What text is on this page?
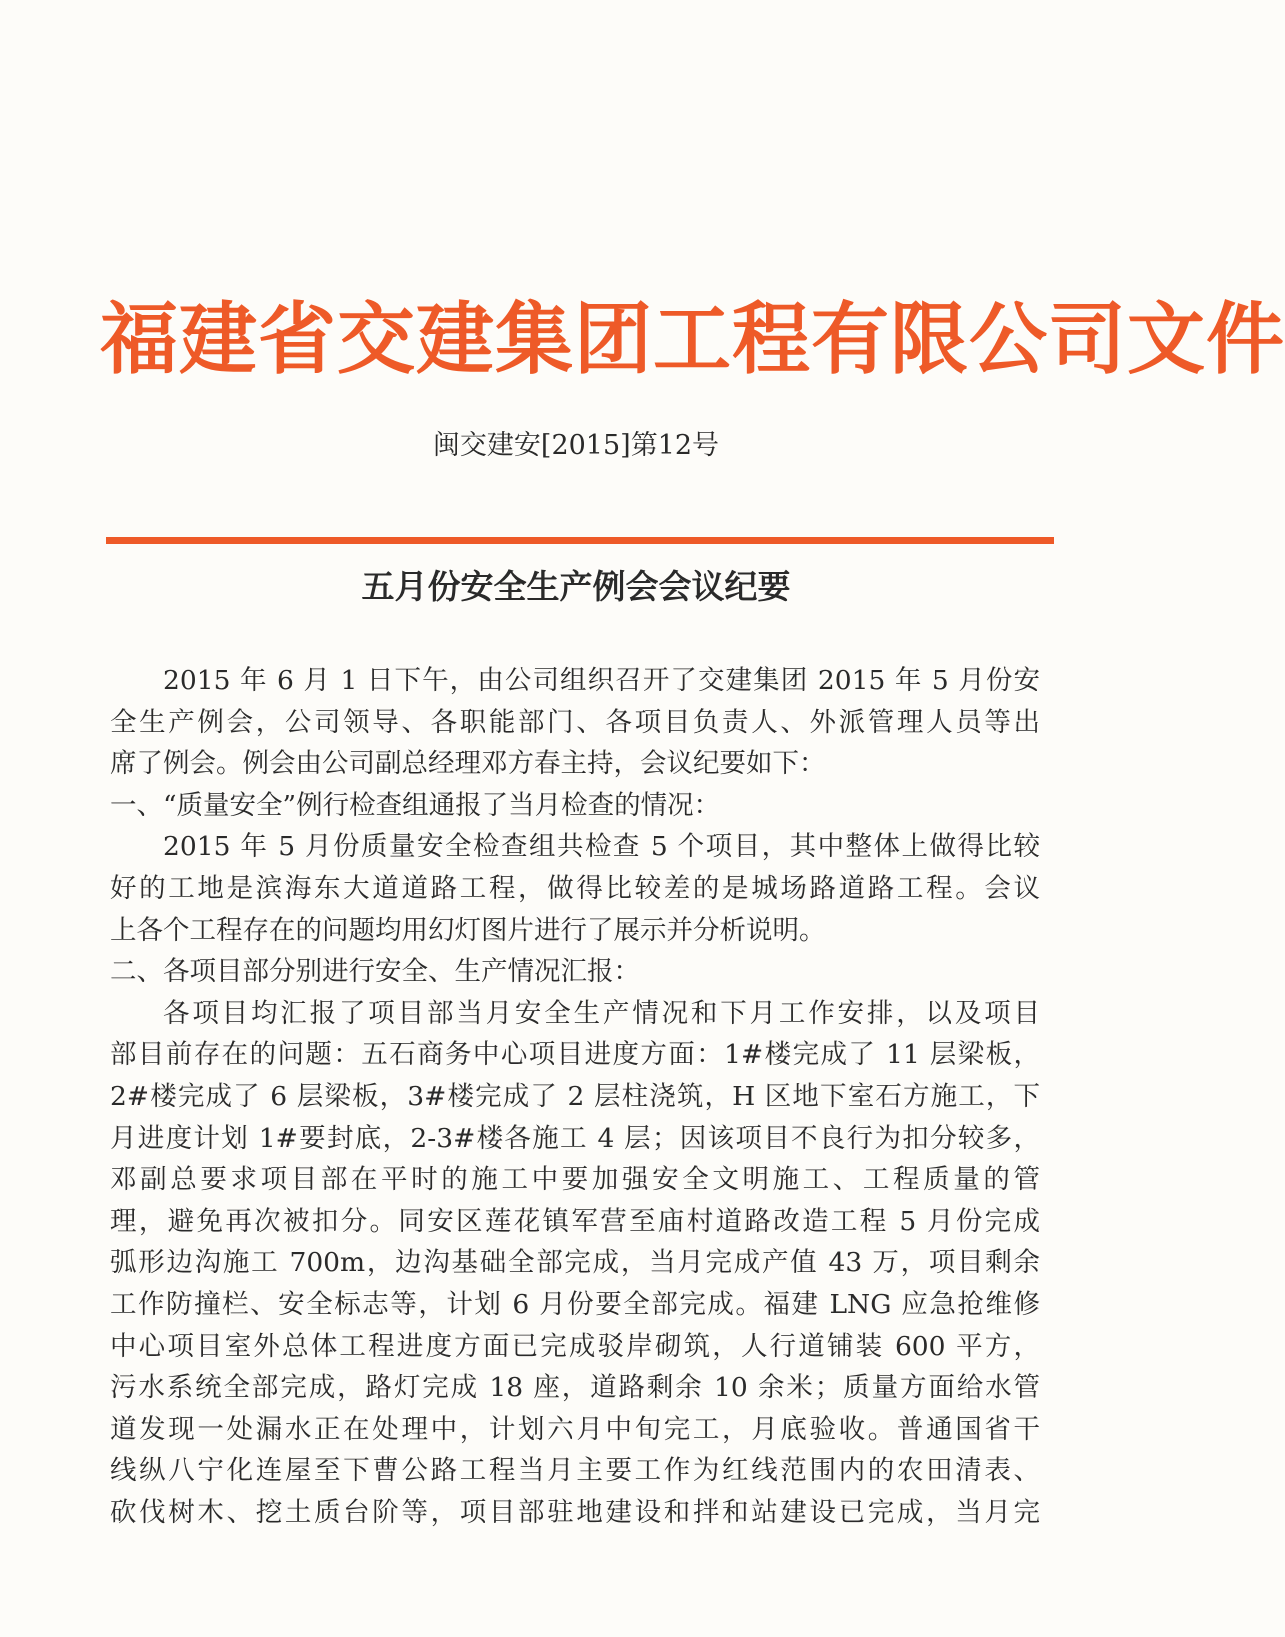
福建省交建集团工程有限公司文件
闽交建安[2015]第12号
五月份安全生产例会会议纪要

2015 年 6 月 1 日下午，由公司组织召开了交建集团 2015 年 5 月份安

全生产例会，公司领导、各职能部门、各项目负责人、外派管理人员等出

席了例会。例会由公司副总经理邓方春主持，会议纪要如下：

一、“质量安全”例行检查组通报了当月检查的情况：

2015 年 5 月份质量安全检查组共检查 5 个项目，其中整体上做得比较

好的工地是滨海东大道道路工程，做得比较差的是城场路道路工程。会议

上各个工程存在的问题均用幻灯图片进行了展示并分析说明。

二、各项目部分别进行安全、生产情况汇报：

各项目均汇报了项目部当月安全生产情况和下月工作安排，以及项目

部目前存在的问题：五石商务中心项目进度方面：1#楼完成了 11 层梁板，

2#楼完成了 6 层梁板，3#楼完成了 2 层柱浇筑，H 区地下室石方施工，下

月进度计划 1#要封底，2-3#楼各施工 4 层；因该项目不良行为扣分较多，

邓副总要求项目部在平时的施工中要加强安全文明施工、工程质量的管

理，避免再次被扣分。同安区莲花镇军营至庙村道路改造工程 5 月份完成

弧形边沟施工 700m，边沟基础全部完成，当月完成产值 43 万，项目剩余

工作防撞栏、安全标志等，计划 6 月份要全部完成。福建 LNG 应急抢维修

中心项目室外总体工程进度方面已完成驳岸砌筑，人行道铺装 600 平方，

污水系统全部完成，路灯完成 18 座，道路剩余 10 余米；质量方面给水管

道发现一处漏水正在处理中，计划六月中旬完工，月底验收。普通国省干

线纵八宁化连屋至下曹公路工程当月主要工作为红线范围内的农田清表、

砍伐树木、挖土质台阶等，项目部驻地建设和拌和站建设已完成，当月完
